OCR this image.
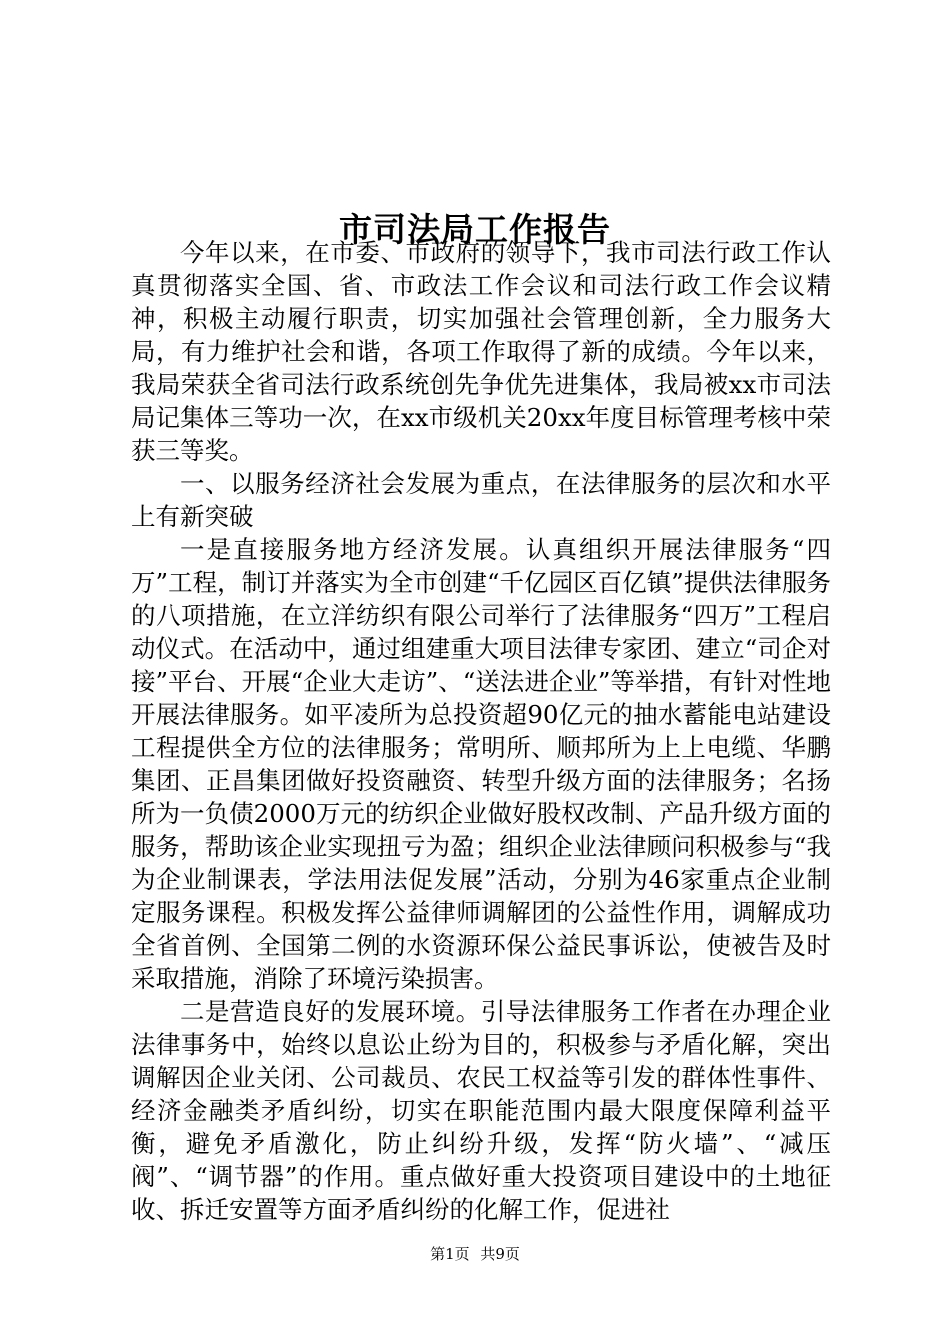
市司法局工作报告

今年以来，在市委、市政府的领导下，我市司法行政工作认真贯彻落实全国、省、市政法工作会议和司法行政工作会议精神，积极主动履行职责，切实加强社会管理创新，全力服务大局，有力维护社会和谐，各项工作取得了新的成绩。今年以来，我局荣获全省司法行政系统创先争优先进集体，我局被xx市司法局记集体三等功一次，在xx市级机关20xx年度目标管理考核中荣获三等奖。

一、以服务经济社会发展为重点，在法律服务的层次和水平上有新突破

一是直接服务地方经济发展。认真组织开展法律服务“四万”工程，制订并落实为全市创建“千亿园区百亿镇”提供法律服务的八项措施，在立洋纺织有限公司举行了法律服务“四万”工程启动仪式。在活动中，通过组建重大项目法律专家团、建立“司企对接”平台、开展“企业大走访”、“送法进企业”等举措，有针对性地开展法律服务。如平凌所为总投资超90亿元的抽水蓄能电站建设工程提供全方位的法律服务；常明所、顺邦所为上上电缆、华鹏集团、正昌集团做好投资融资、转型升级方面的法律服务；名扬所为一负债2000万元的纺织企业做好股权改制、产品升级方面的服务，帮助该企业实现扭亏为盈；组织企业法律顾问积极参与“我为企业制课表，学法用法促发展”活动，分别为46家重点企业制定服务课程。积极发挥公益律师调解团的公益性作用，调解成功全省首例、全国第二例的水资源环保公益民事诉讼，使被告及时采取措施，消除了环境污染损害。

二是营造良好的发展环境。引导法律服务工作者在办理企业法律事务中，始终以息讼止纷为目的，积极参与矛盾化解，突出调解因企业关闭、公司裁员、农民工权益等引发的群体性事件、经济金融类矛盾纠纷，切实在职能范围内最大限度保障利益平衡，避免矛盾激化，防止纠纷升级，发挥“防火墙”、“减压阀”、“调节器”的作用。重点做好重大投资项目建设中的土地征收、拆迁安置等方面矛盾纠纷的化解工作，促进社

第1页 共9页
